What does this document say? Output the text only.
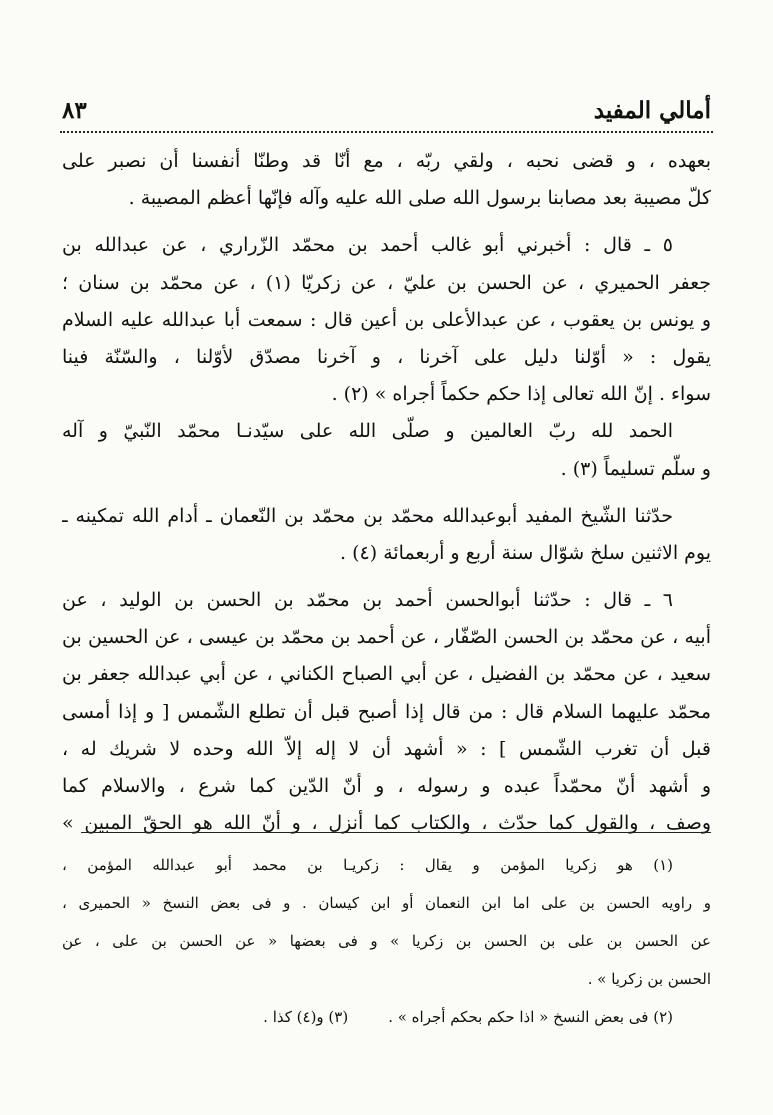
أمالي المفيد
٨٣
بعهده ، و قضى نحبه ، ولقي ربّه ، مع أنّا قد وطنّا أنفسنا أن نصبر على
كلّ مصيبة بعد مصابنا برسول الله صلى الله عليه وآله فإنّها أعظم المصيبة .
٥ ـ قال : أخبرني أبو غالب أحمد بن محمّد الزّراري ، عن عبدالله بن
جعفر الحميري ، عن الحسن بن عليّ ، عن زكريّا (١) ، عن محمّد بن سنان ؛
و يونس بن يعقوب ، عن عبدالأعلى بن أعين قال : سمعت أبا عبدالله عليه السلام
يقول : « أوّلنا دليل على آخرنا ، و آخرنا مصدّق لأوّلنا ، والسّنّة فينا
سواء . إنّ الله تعالى إذا حكم حكماً أجراه » (٢) .
الحمد لله ربّ العالمين و صلّى الله على سيّدنـا محمّد النّبيّ و آله
و سلّم تسليماً (٣) .
حدّثنا الشّيخ المفيد أبوعبدالله محمّد بن محمّد بن النّعمان ـ أدام الله تمكينه ـ
يوم الاثنين سلخ شوّال سنة أربع و أربعمائة (٤) .
٦ ـ قال : حدّثنا أبوالحسن أحمد بن محمّد بن الحسن بن الوليد ، عن
أبيه ، عن محمّد بن الحسن الصّفّار ، عن أحمد بن محمّد بن عيسى ، عن الحسين بن
سعيد ، عن محمّد بن الفضيل ، عن أبي الصباح الكناني ، عن أبي عبدالله جعفر بن
محمّد عليهما السلام قال : من قال إذا أصبح قبل أن تطلع الشّمس [ و إذا أمسى
قبل أن تغرب الشّمس ] : « أشهد أن لا إله إلاّ الله وحده لا شريك له ،
و أشهد أنّ محمّداً عبده و رسوله ، و أنّ الدّين كما شرع ، والاسلام كما
وصف ، والقول كما حدّث ، والكتاب كما أنزل ، و أنّ الله هو الحقّ المبين »
(١) هو زكريا المؤمن و يقال : زكريـا بن محمد أبو عبدالله المؤمن ،
و راويه الحسن بن على اما ابن النعمان أو ابن كيسان . و فى بعض النسخ « الحميرى ،
عن الحسن بن على بن الحسن بن زكريا » و فى بعضها « عن الحسن بن على ، عن
الحسن بن زكريا » .
(٢) فى بعض النسخ « اذا حكم بحكم أجراه » .(٣) و(٤) كذا .
